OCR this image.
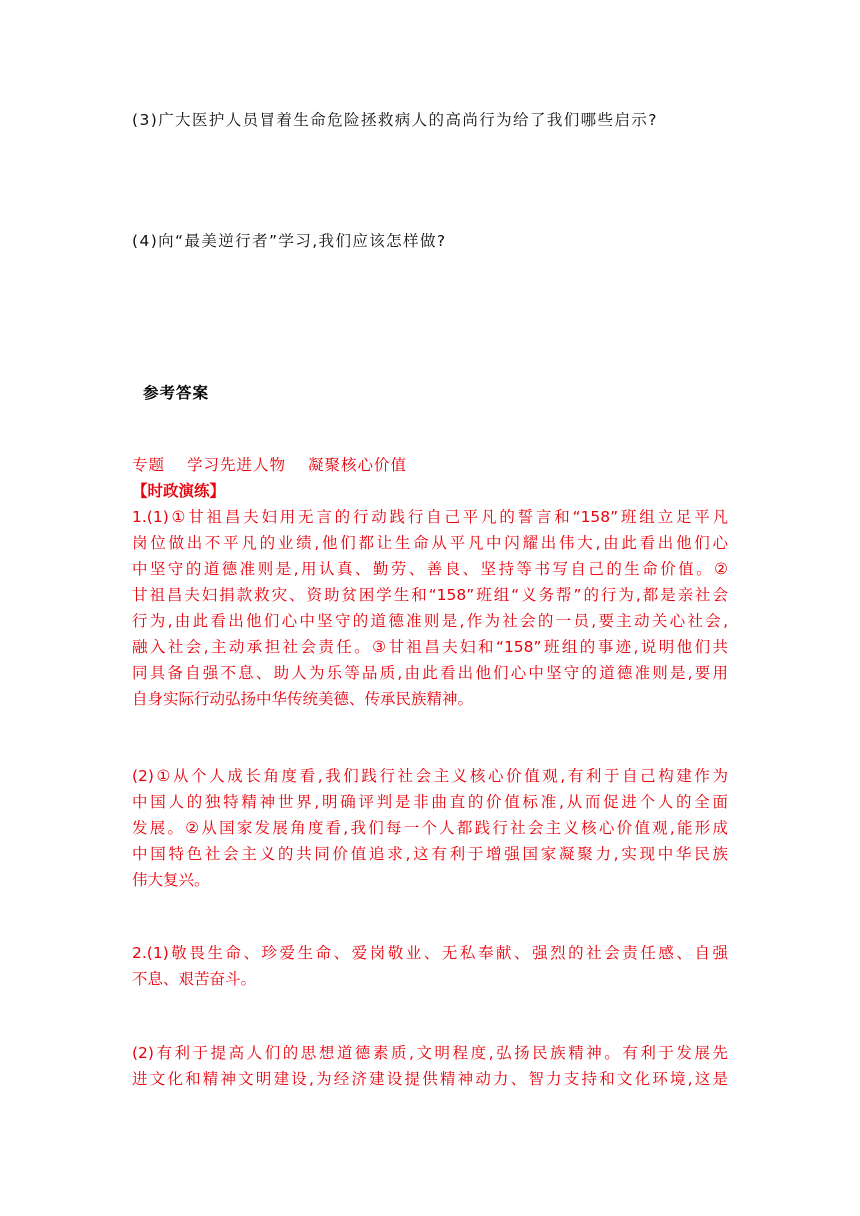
(3)广大医护人员冒着生命危险拯救病人的高尚行为给了我们哪些启示?

(4)向“最美逆行者”学习,我们应该怎样做?

参考答案

专题 学习先进人物 凝聚核心价值
【时政演练】

1.(1)①甘祖昌夫妇用无言的行动践行自己平凡的誓言和“158”班组立足平凡

岗位做出不平凡的业绩,他们都让生命从平凡中闪耀出伟大,由此看出他们心

中坚守的道德准则是,用认真、勤劳、善良、坚持等书写自己的生命价值。②

甘祖昌夫妇捐款救灾、资助贫困学生和“158”班组“义务帮”的行为,都是亲社会

行为,由此看出他们心中坚守的道德准则是,作为社会的一员,要主动关心社会,

融入社会,主动承担社会责任。③甘祖昌夫妇和“158”班组的事迹,说明他们共

同具备自强不息、助人为乐等品质,由此看出他们心中坚守的道德准则是,要用

自身实际行动弘扬中华传统美德、传承民族精神。

(2)①从个人成长角度看,我们践行社会主义核心价值观,有利于自己构建作为

中国人的独特精神世界,明确评判是非曲直的价值标准,从而促进个人的全面

发展。②从国家发展角度看,我们每一个人都践行社会主义核心价值观,能形成

中国特色社会主义的共同价值追求,这有利于增强国家凝聚力,实现中华民族

伟大复兴。

2.(1)敬畏生命、珍爱生命、爱岗敬业、无私奉献、强烈的社会责任感、自强

不息、艰苦奋斗。

(2)有利于提高人们的思想道德素质,文明程度,弘扬民族精神。有利于发展先

进文化和精神文明建设,为经济建设提供精神动力、智力支持和文化环境,这是
